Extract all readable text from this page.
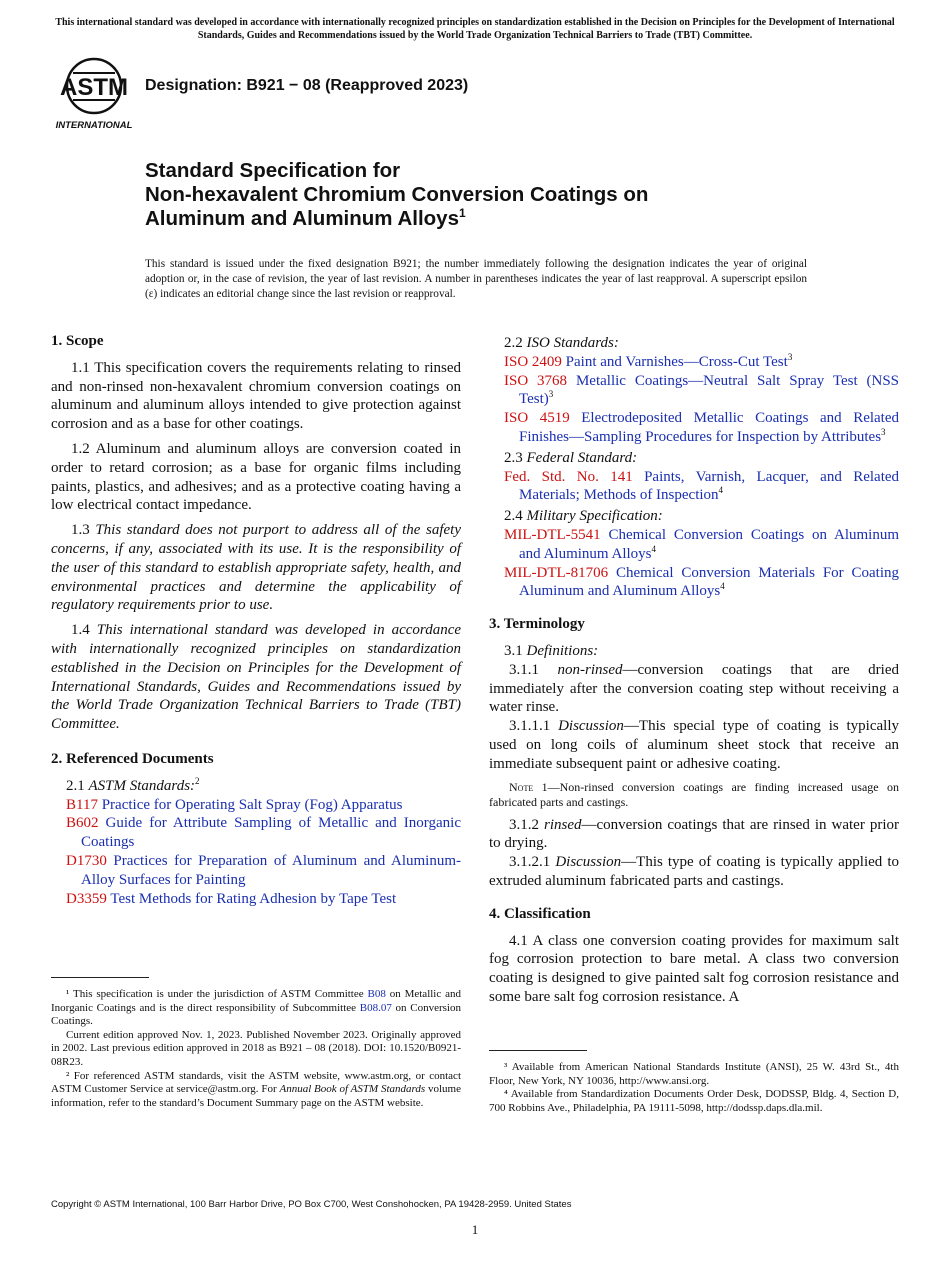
This international standard was developed in accordance with internationally recognized principles on standardization established in the Decision on Principles for the Development of International Standards, Guides and Recommendations issued by the World Trade Organization Technical Barriers to Trade (TBT) Committee.
ASTM
INTERNATIONAL
Designation: B921 − 08 (Reapproved 2023)
Standard Specification for
Non-hexavalent Chromium Conversion Coatings on
Aluminum and Aluminum Alloys$^1$
This standard is issued under the fixed designation B921; the number immediately following the designation indicates the year of original adoption or, in the case of revision, the year of last revision. A number in parentheses indicates the year of last reapproval. A superscript epsilon (ε) indicates an editorial change since the last revision or reapproval.
1. Scope
1.1 This specification covers the requirements relating to rinsed and non-rinsed non-hexavalent chromium conversion coatings on aluminum and aluminum alloys intended to give protection against corrosion and as a base for other coatings.
1.2 Aluminum and aluminum alloys are conversion coated in order to retard corrosion; as a base for organic films including paints, plastics, and adhesives; and as a protective coating having a low electrical contact impedance.
1.3 This standard does not purport to address all of the safety concerns, if any, associated with its use. It is the responsibility of the user of this standard to establish appropriate safety, health, and environmental practices and determine the applicability of regulatory requirements prior to use.
1.4 This international standard was developed in accordance with internationally recognized principles on standardization established in the Decision on Principles for the Development of International Standards, Guides and Recommendations issued by the World Trade Organization Technical Barriers to Trade (TBT) Committee.
2. Referenced Documents
2.1 ASTM Standards:$^2$
B117 Practice for Operating Salt Spray (Fog) Apparatus
B602 Guide for Attribute Sampling of Metallic and Inorganic Coatings
D1730 Practices for Preparation of Aluminum and Aluminum-Alloy Surfaces for Painting
D3359 Test Methods for Rating Adhesion by Tape Test
2.2 ISO Standards:
ISO 2409 Paint and Varnishes—Cross-Cut Test$^3$
ISO 3768 Metallic Coatings—Neutral Salt Spray Test (NSS Test)$^3$
ISO 4519 Electrodeposited Metallic Coatings and Related Finishes—Sampling Procedures for Inspection by Attributes$^3$
2.3 Federal Standard:
Fed. Std. No. 141 Paints, Varnish, Lacquer, and Related Materials; Methods of Inspection$^4$
2.4 Military Specification:
MIL-DTL-5541 Chemical Conversion Coatings on Aluminum and Aluminum Alloys$^4$
MIL-DTL-81706 Chemical Conversion Materials For Coating Aluminum and Aluminum Alloys$^4$
3. Terminology
3.1 Definitions:
3.1.1 non-rinsed—conversion coatings that are dried immediately after the conversion coating step without receiving a water rinse.
3.1.1.1 Discussion—This special type of coating is typically used on long coils of aluminum sheet stock that receive an immediate subsequent paint or adhesive coating.
Note 1—Non-rinsed conversion coatings are finding increased usage on fabricated parts and castings.
3.1.2 rinsed—conversion coatings that are rinsed in water prior to drying.
3.1.2.1 Discussion—This type of coating is typically applied to extruded aluminum fabricated parts and castings.
4. Classification
4.1 A class one conversion coating provides for maximum salt fog corrosion protection to bare metal. A class two conversion coating is designed to give painted salt fog corrosion resistance and some bare salt fog corrosion resistance. A

¹ This specification is under the jurisdiction of ASTM Committee B08 on Metallic and Inorganic Coatings and is the direct responsibility of Subcommittee B08.07 on Conversion Coatings.

Current edition approved Nov. 1, 2023. Published November 2023. Originally approved in 2002. Last previous edition approved in 2018 as B921 – 08 (2018). DOI: 10.1520/B0921-08R23.

² For referenced ASTM standards, visit the ASTM website, www.astm.org, or contact ASTM Customer Service at service@astm.org. For Annual Book of ASTM Standards volume information, refer to the standard’s Document Summary page on the ASTM website.

³ Available from American National Standards Institute (ANSI), 25 W. 43rd St., 4th Floor, New York, NY 10036, http://www.ansi.org.

⁴ Available from Standardization Documents Order Desk, DODSSP, Bldg. 4, Section D, 700 Robbins Ave., Philadelphia, PA 19111-5098, http://dodssp.daps.dla.mil.

Copyright © ASTM International, 100 Barr Harbor Drive, PO Box C700, West Conshohocken, PA 19428-2959. United States
1
